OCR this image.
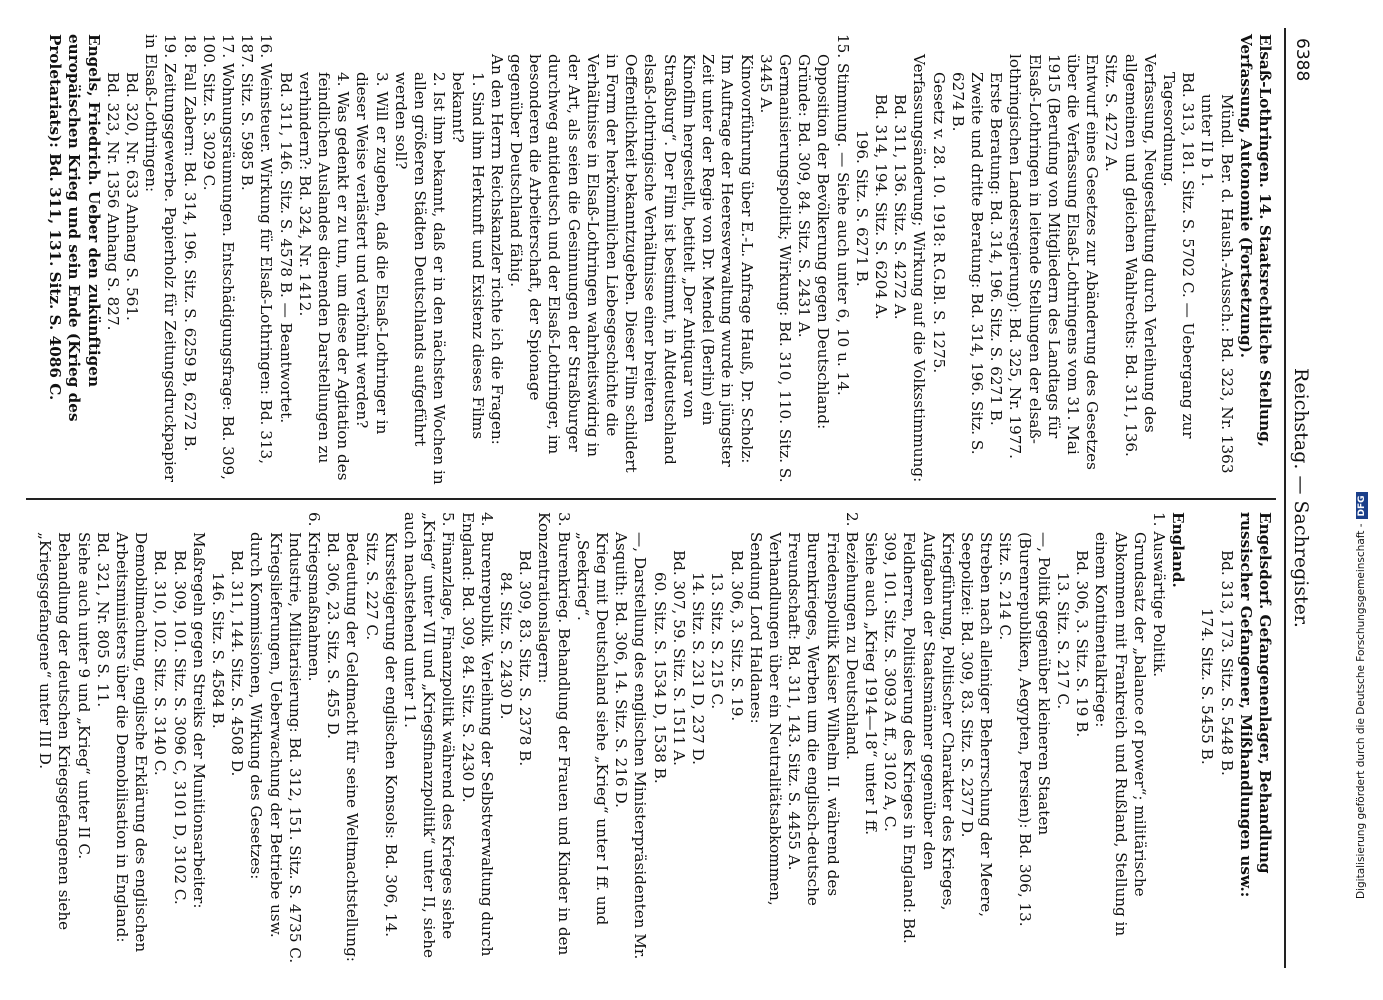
6388
Reichstag. — Sachregister.
Elsaß-Lothringen. 14. Staatsrechtliche Stellung, Verfassung, Autonomie (Fortsetzung).
Mündl. Ber. d. Haush.-Aussch.: Bd. 323, Nr. 1363 unter II b 1.
Bd. 313, 181. Sitz. S. 5702 C. — Uebergang zur Tagesordnung.
Verfassung, Neugestaltung durch Verleihung des allgemeinen und gleichen Wahlrechts: Bd. 311, 136. Sitz. S. 4272 A.
Entwurf eines Gesetzes zur Abänderung des Gesetzes über die Verfassung Elsaß-Lothringens vom 31. Mai 1915 (Berufung von Mitgliedern des Landtags für Elsaß-Lothringen in leitende Stellungen der elsaß-lothringischen Landesregierung): Bd. 325, Nr. 1977.
Erste Beratung: Bd. 314, 196. Sitz. S. 6271 B.
Zweite und dritte Beratung: Bd. 314, 196. Sitz. S. 6274 B.
Gesetz v. 28. 10. 1918: R.G.Bl. S. 1275.
Verfassungsänderung; Wirkung auf die Volksstimmung:
Bd. 311, 136. Sitz. S. 4272 A.
Bd. 314, 194. Sitz. S. 6204 A.
196. Sitz. S. 6271 B.
15. Stimmung. — Siehe auch unter 6, 10 u. 14.
Opposition der Bevölkerung gegen Deutschland: Gründe: Bd. 309, 84. Sitz. S. 2431 A.
Germanisierungspolitik; Wirkung: Bd. 310, 110. Sitz. S. 3445 A.
Kinovorführung über E.-L. Anfrage Hauß, Dr. Scholz: Im Auftrage der Heeresverwaltung wurde in jüngster Zeit unter der Regie von Dr. Mendel (Berlin) ein Kinofilm hergestellt, betitelt „Der Antiquar von Straßburg“. Der Film ist bestimmt, in Altdeutschland elsaß-lothringische Verhältnisse einer breiteren Oeffentlichkeit bekanntzugeben. Dieser Film schildert in Form der herkömmlichen Liebesgeschichte die Verhältnisse in Elsaß-Lothringen wahrheitswidrig in der Art, als seien die Gesinnungen der Straßburger durchweg antideutsch und der Elsaß-Lothringer, im besonderen die Arbeiterschaft, der Spionage gegenüber Deutschland fähig.
An den Herrn Reichskanzler richte ich die Fragen:
1. Sind ihm Herkunft und Existenz dieses Films bekannt?
2. Ist ihm bekannt, daß er in den nächsten Wochen in allen größeren Städten Deutschlands aufgeführt werden soll?
3. Will er zugeben, daß die Elsaß-Lothringer in dieser Weise verlästert und verhöhnt werden?
4. Was gedenkt er zu tun, um diese der Agitation des feindlichen Auslandes dienenden Darstellungen zu verhindern?: Bd. 324, Nr. 1412.
Bd. 311, 146. Sitz. S. 4578 B. — Beantwortet.
16. Weinsteuer. Wirkung für Elsaß-Lothringen: Bd. 313, 187. Sitz. S. 5985 B.
17. Wohnungsräumungen. Entschädigungsfrage: Bd. 309, 100. Sitz. S. 3029 C.
18. Fall Zabern: Bd. 314, 196. Sitz. S. 6259 B, 6272 B.
19. Zeitungsgewerbe. Papierholz für Zeitungsdruckpapier in Elsaß-Lothringen:
Bd. 320, Nr. 633 Anhang S. 561.
Bd. 323, Nr. 1356 Anhang S. 827.
Engels, Friedrich. Ueber den zukünftigen europäischen Krieg und sein Ende (Krieg des Proletariats): Bd. 311, 131. Sitz. S. 4086 C.
Engelsdorf. Gefangenenlager, Behandlung russischer Gefangener, Mißhandlungen usw.:
Bd. 313, 173. Sitz. S. 5448 B.
174. Sitz. S. 5455 B.
England.
1. Auswärtige Politik.
Grundsatz der „balance of power“; militärische Abkommen mit Frankreich und Rußland, Stellung in einem Kontinentalkriege:
Bd. 306, 3. Sitz. S. 19 B.
13. Sitz. S. 217 C.
—, Politik gegenüber kleineren Staaten (Burenrepubliken, Aegypten, Persien): Bd. 306, 13. Sitz. S. 214 C.
Streben nach alleiniger Beherrschung der Meere, Seepolizei: Bd. 309, 83. Sitz. S. 2377 D.
Kriegführung, Politischer Charakter des Krieges, Aufgaben der Staatsmänner gegenüber den Feldherren, Politisierung des Krieges in England: Bd. 309, 101. Sitz. S. 3093 A ff., 3102 A, C.
Siehe auch „Krieg 1914—18“ unter I ff.
2. Beziehungen zu Deutschland.
Friedenspolitik Kaiser Wilhelm II. während des Burenkrieges, Werben um die englisch-deutsche Freundschaft: Bd. 311, 143. Sitz. S. 4455 A.
Verhandlungen über ein Neutralitätsabkommen, Sendung Lord Haldanes:
Bd. 306, 3. Sitz. S. 19.
13. Sitz. S. 215 C.
14. Sitz. S. 231 D, 237 D.
Bd. 307, 59. Sitz. S. 1511 A.
60. Sitz. S. 1534 D, 1538 B.
—, Darstellung des englischen Ministerpräsidenten Mr. Asquith: Bd. 306, 14. Sitz. S. 216 D.
Krieg mit Deutschland siehe „Krieg“ unter I ff. und „Seekrieg“.
3. Burenkrieg. Behandlung der Frauen und Kinder in den Konzentrationslagern:
Bd. 309, 83. Sitz. S. 2378 B.
84. Sitz. S. 2430 D.
4. Burenrepublik. Verleihung der Selbstverwaltung durch England: Bd. 309, 84. Sitz. S. 2430 D.
5. Finanzlage, Finanzpolitik während des Krieges siehe „Krieg“ unter VII und „Kriegsfinanzpolitik“ unter II, siehe auch nachstehend unter 11.
Kurssteigerung der englischen Konsols: Bd. 306, 14. Sitz. S. 227 C.
Bedeutung der Geldmacht für seine Weltmachtstellung: Bd. 306, 23. Sitz. S. 455 D.
6. Kriegsmaßnahmen.
Industrie, Militarisierung: Bd. 312, 151. Sitz. S. 4735 C.
Kriegslieferungen, Ueberwachung der Betriebe usw. durch Kommissionen, Wirkung des Gesetzes:
Bd. 311, 144. Sitz. S. 4508 D.
146. Sitz. S. 4584 B.
Maßregeln gegen Streiks der Munitionsarbeiter:
Bd. 309, 101. Sitz. S. 3096 C, 3101 D, 3102 C.
Bd. 310, 102. Sitz. S. 3140 C.
Demobilmachung, englische Erklärung des englischen Arbeitsministers über die Demobilisation in England: Bd. 321, Nr. 805 S. 11.
Siehe auch unter 9 und „Krieg“ unter II C.
Behandlung der deutschen Kriegsgefangenen siehe „Kriegsgefangene“ unter III D.	Digitalisierung gefördert durch die Deutsche Forschungsgemeinschaft -DFG
